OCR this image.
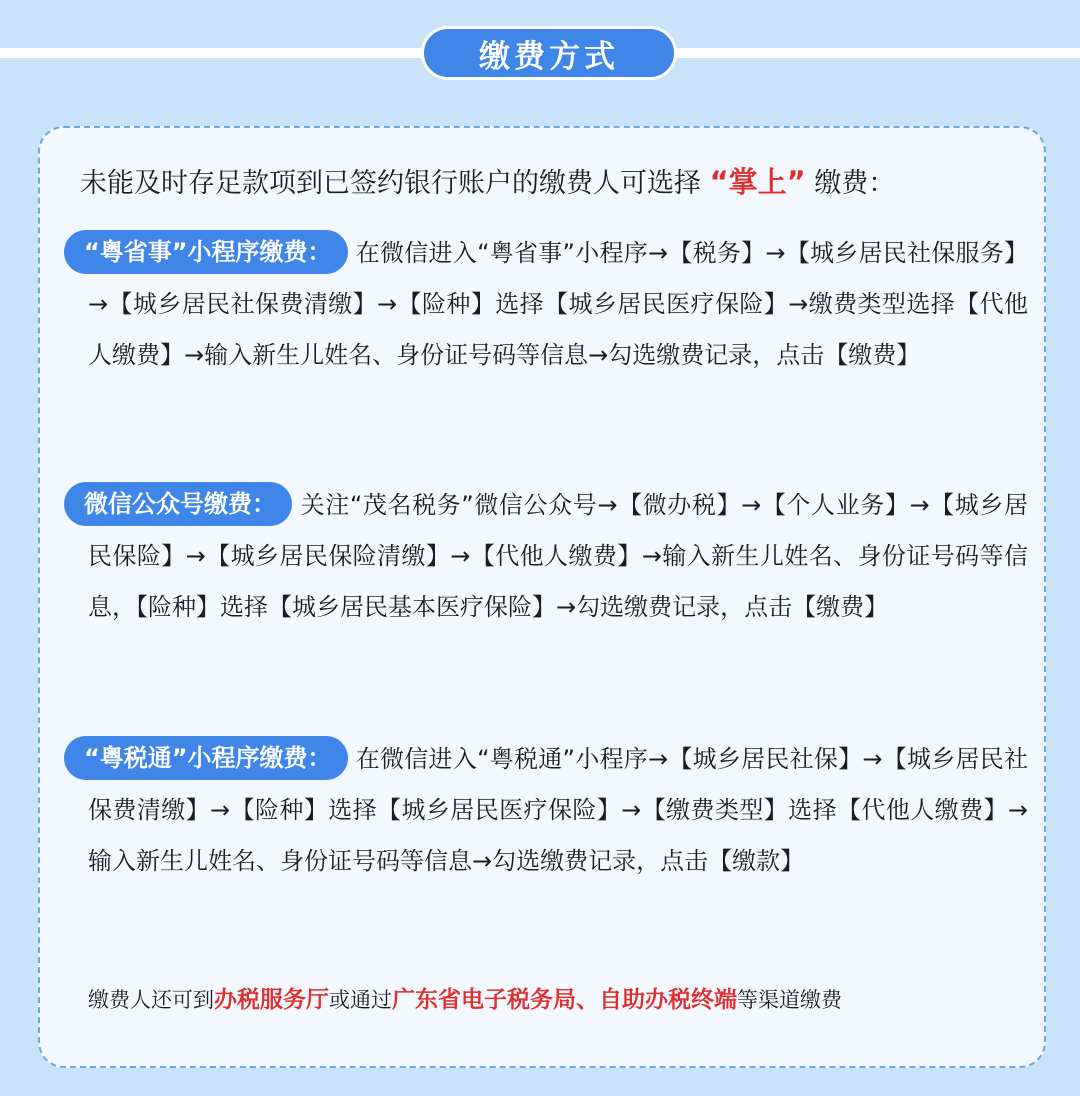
缴费方式
未能及时存足款项到已签约银行账户的缴费人可选择 “掌上” 缴费：
“粤省事”小程序缴费： 在微信进入“粤省事”小程序→【税务】→【城乡居民社保服务】→【城乡居民社保费清缴】→【险种】选择【城乡居民医疗保险】→缴费类型选择【代他人缴费】→输入新生儿姓名、身份证号码等信息→勾选缴费记录，点击【缴费】
微信公众号缴费： 关注“茂名税务”微信公众号→【微办税】→【个人业务】→【城乡居民保险】→【城乡居民保险清缴】→【代他人缴费】→输入新生儿姓名、身份证号码等信息，【险种】选择【城乡居民基本医疗保险】→勾选缴费记录，点击【缴费】
“粤税通”小程序缴费： 在微信进入“粤税通”小程序→【城乡居民社保】→【城乡居民社保费清缴】→【险种】选择【城乡居民医疗保险】→【缴费类型】选择【代他人缴费】→输入新生儿姓名、身份证号码等信息→勾选缴费记录，点击【缴款】
缴费人还可到办税服务厅或通过广东省电子税务局、自助办税终端等渠道缴费
